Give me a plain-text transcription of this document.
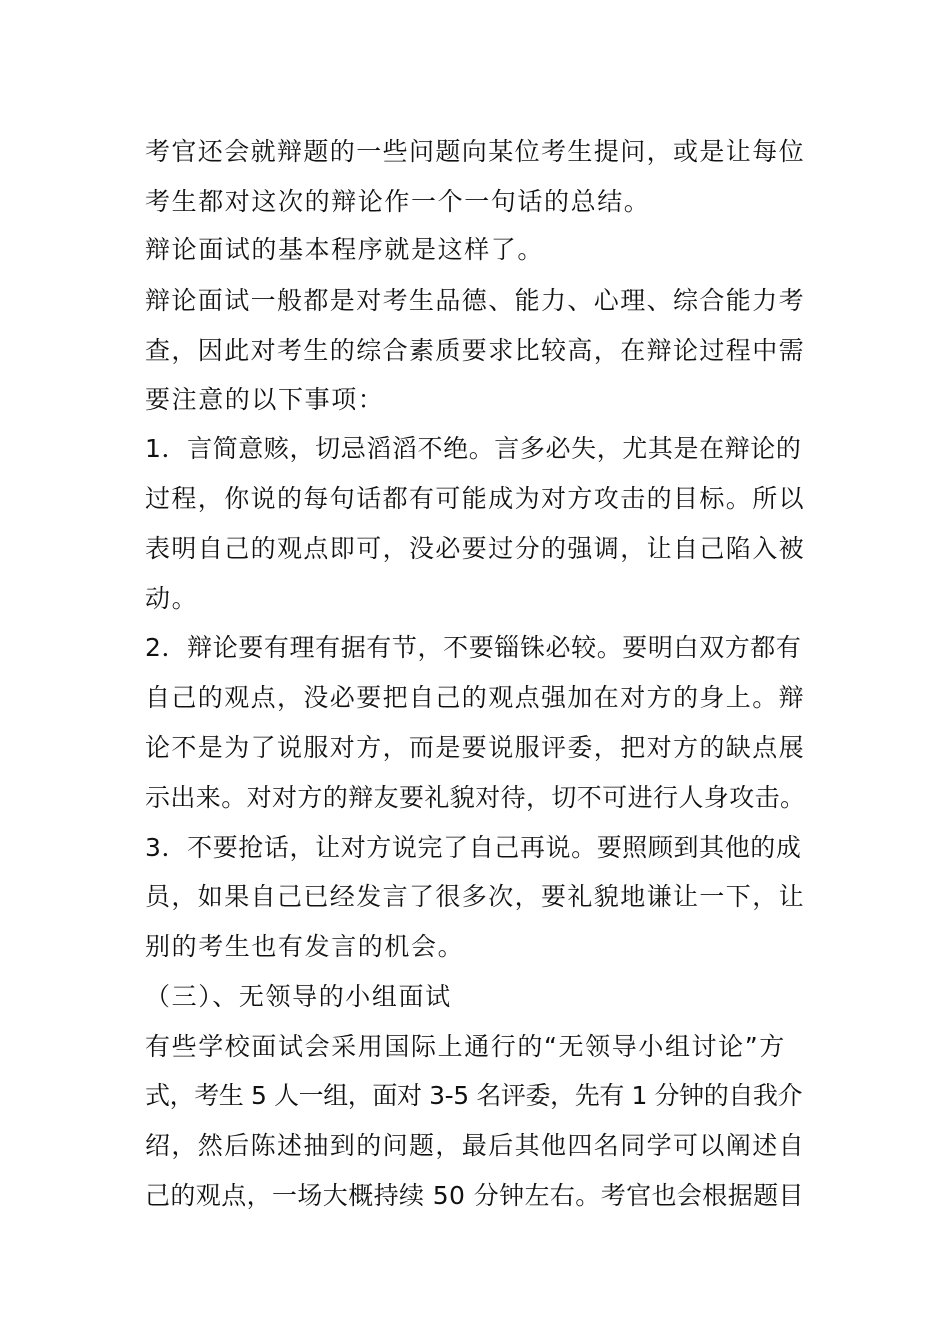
考官还会就辩题的一些问题向某位考生提问，或是让每位
考生都对这次的辩论作一个一句话的总结。
辩论面试的基本程序就是这样了。
辩论面试一般都是对考生品德、能力、心理、综合能力考
查，因此对考生的综合素质要求比较高，在辩论过程中需
要注意的以下事项：
1．言简意赅，切忌滔滔不绝。言多必失，尤其是在辩论的
过程，你说的每句话都有可能成为对方攻击的目标。所以
表明自己的观点即可，没必要过分的强调，让自己陷入被
动。
2．辩论要有理有据有节，不要锱铢必较。要明白双方都有
自己的观点，没必要把自己的观点强加在对方的身上。辩
论不是为了说服对方，而是要说服评委，把对方的缺点展
示出来。对对方的辩友要礼貌对待，切不可进行人身攻击。
3．不要抢话，让对方说完了自己再说。要照顾到其他的成
员，如果自己已经发言了很多次，要礼貌地谦让一下，让
别的考生也有发言的机会。
（三）、无领导的小组面试
有些学校面试会采用国际上通行的“无领导小组讨论”方
式，考生 5 人一组，面对 3-5 名评委，先有 1 分钟的自我介
绍，然后陈述抽到的问题，最后其他四名同学可以阐述自
己的观点，一场大概持续 50 分钟左右。考官也会根据题目
